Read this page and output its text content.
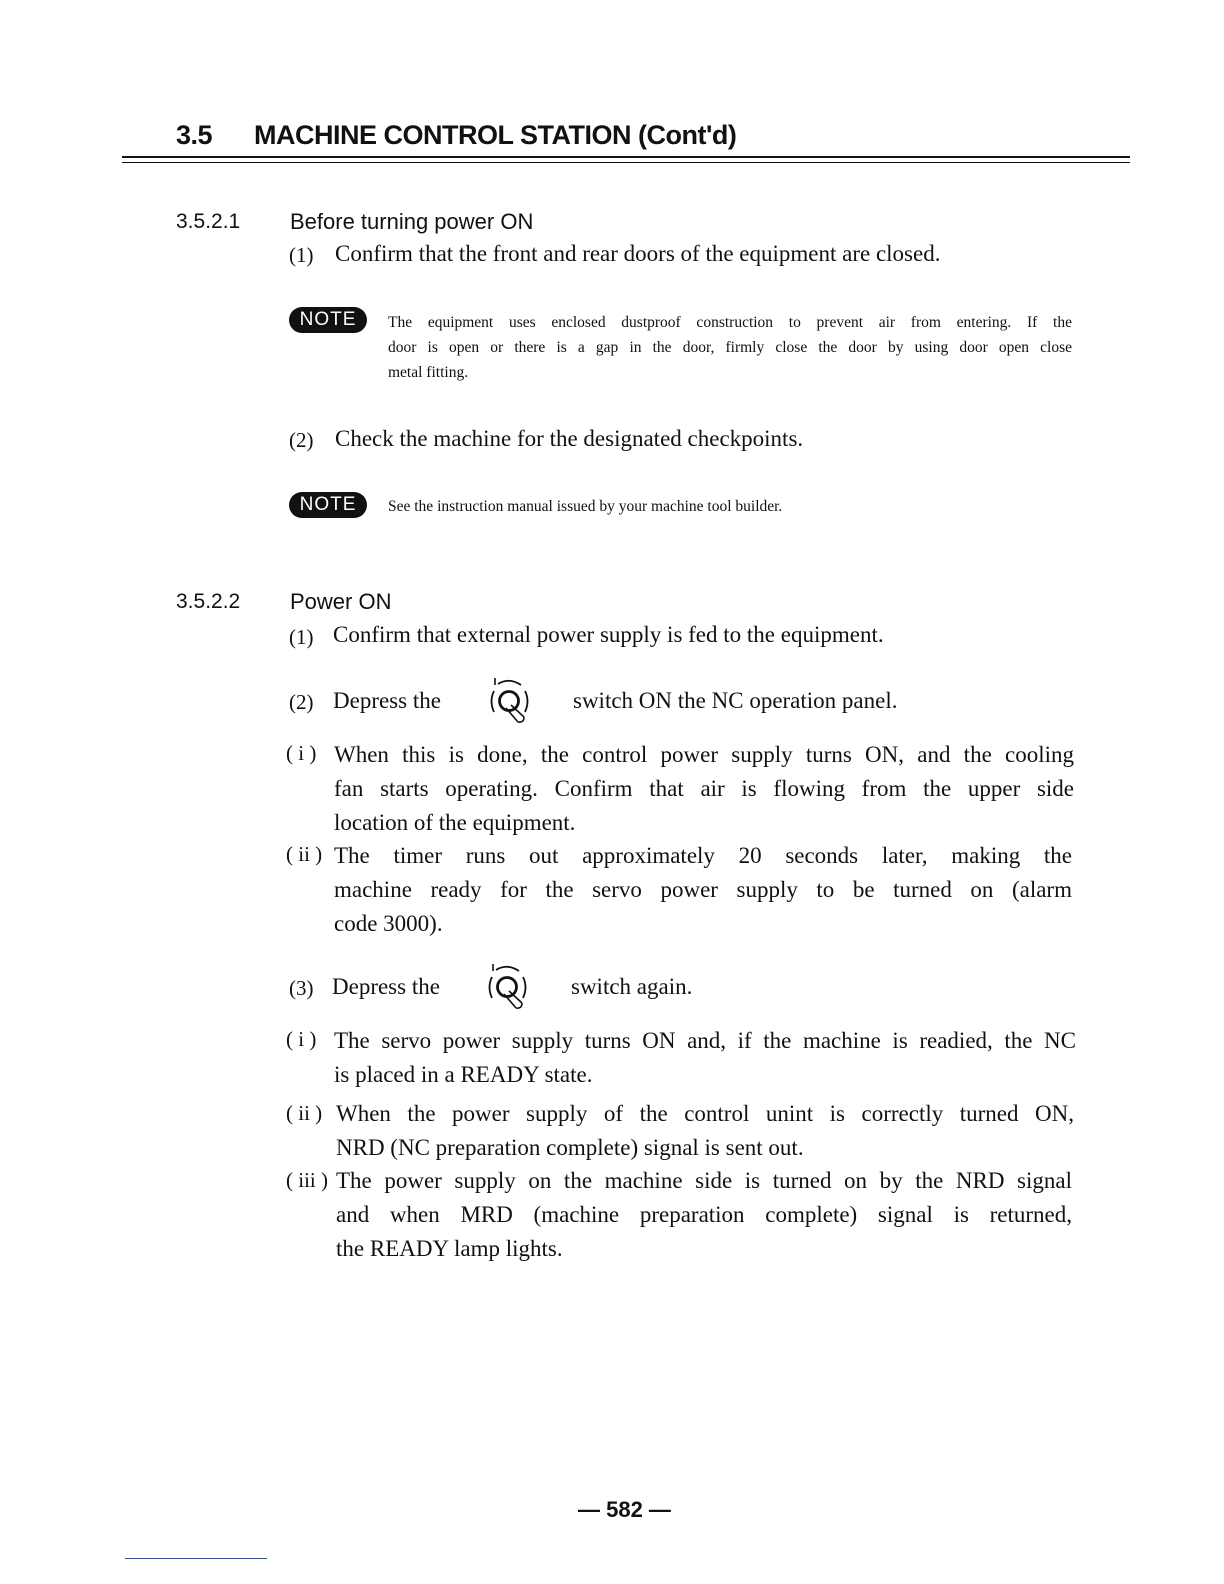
3.5 MACHINE CONTROL STATION (Cont'd)
3.5.2.1 Before turning power ON
(1) Confirm that the front and rear doors of the equipment are closed.
NOTE	The equipment uses enclosed dustproof construction to prevent air from entering. If the
door is open or there is a gap in the door, firmly close the door by using door open close
metal fitting.
(2) Check the machine for the designated checkpoints.
NOTE	See the instruction manual issued by your machine tool builder.
3.5.2.2 Power ON
(1) Confirm that external power supply is fed to the equipment.
(2) Depress the	switch ON the NC operation panel.
( i ) When this is done, the control power supply turns ON, and the cooling
fan starts operating. Confirm that air is flowing from the upper side
location of the equipment.
( ii ) The timer runs out approximately 20 seconds later, making the
machine ready for the servo power supply to be turned on (alarm
code 3000).
(3) Depress the	switch again.
( i ) The servo power supply turns ON and, if the machine is readied, the NC
is placed in a READY state.
( ii ) When the power supply of the control unint is correctly turned ON,
NRD (NC preparation complete) signal is sent out.
( iii ) The power supply on the machine side is turned on by the NRD signal
and when MRD (machine preparation complete) signal is returned,
the READY lamp lights.
— 582 —
